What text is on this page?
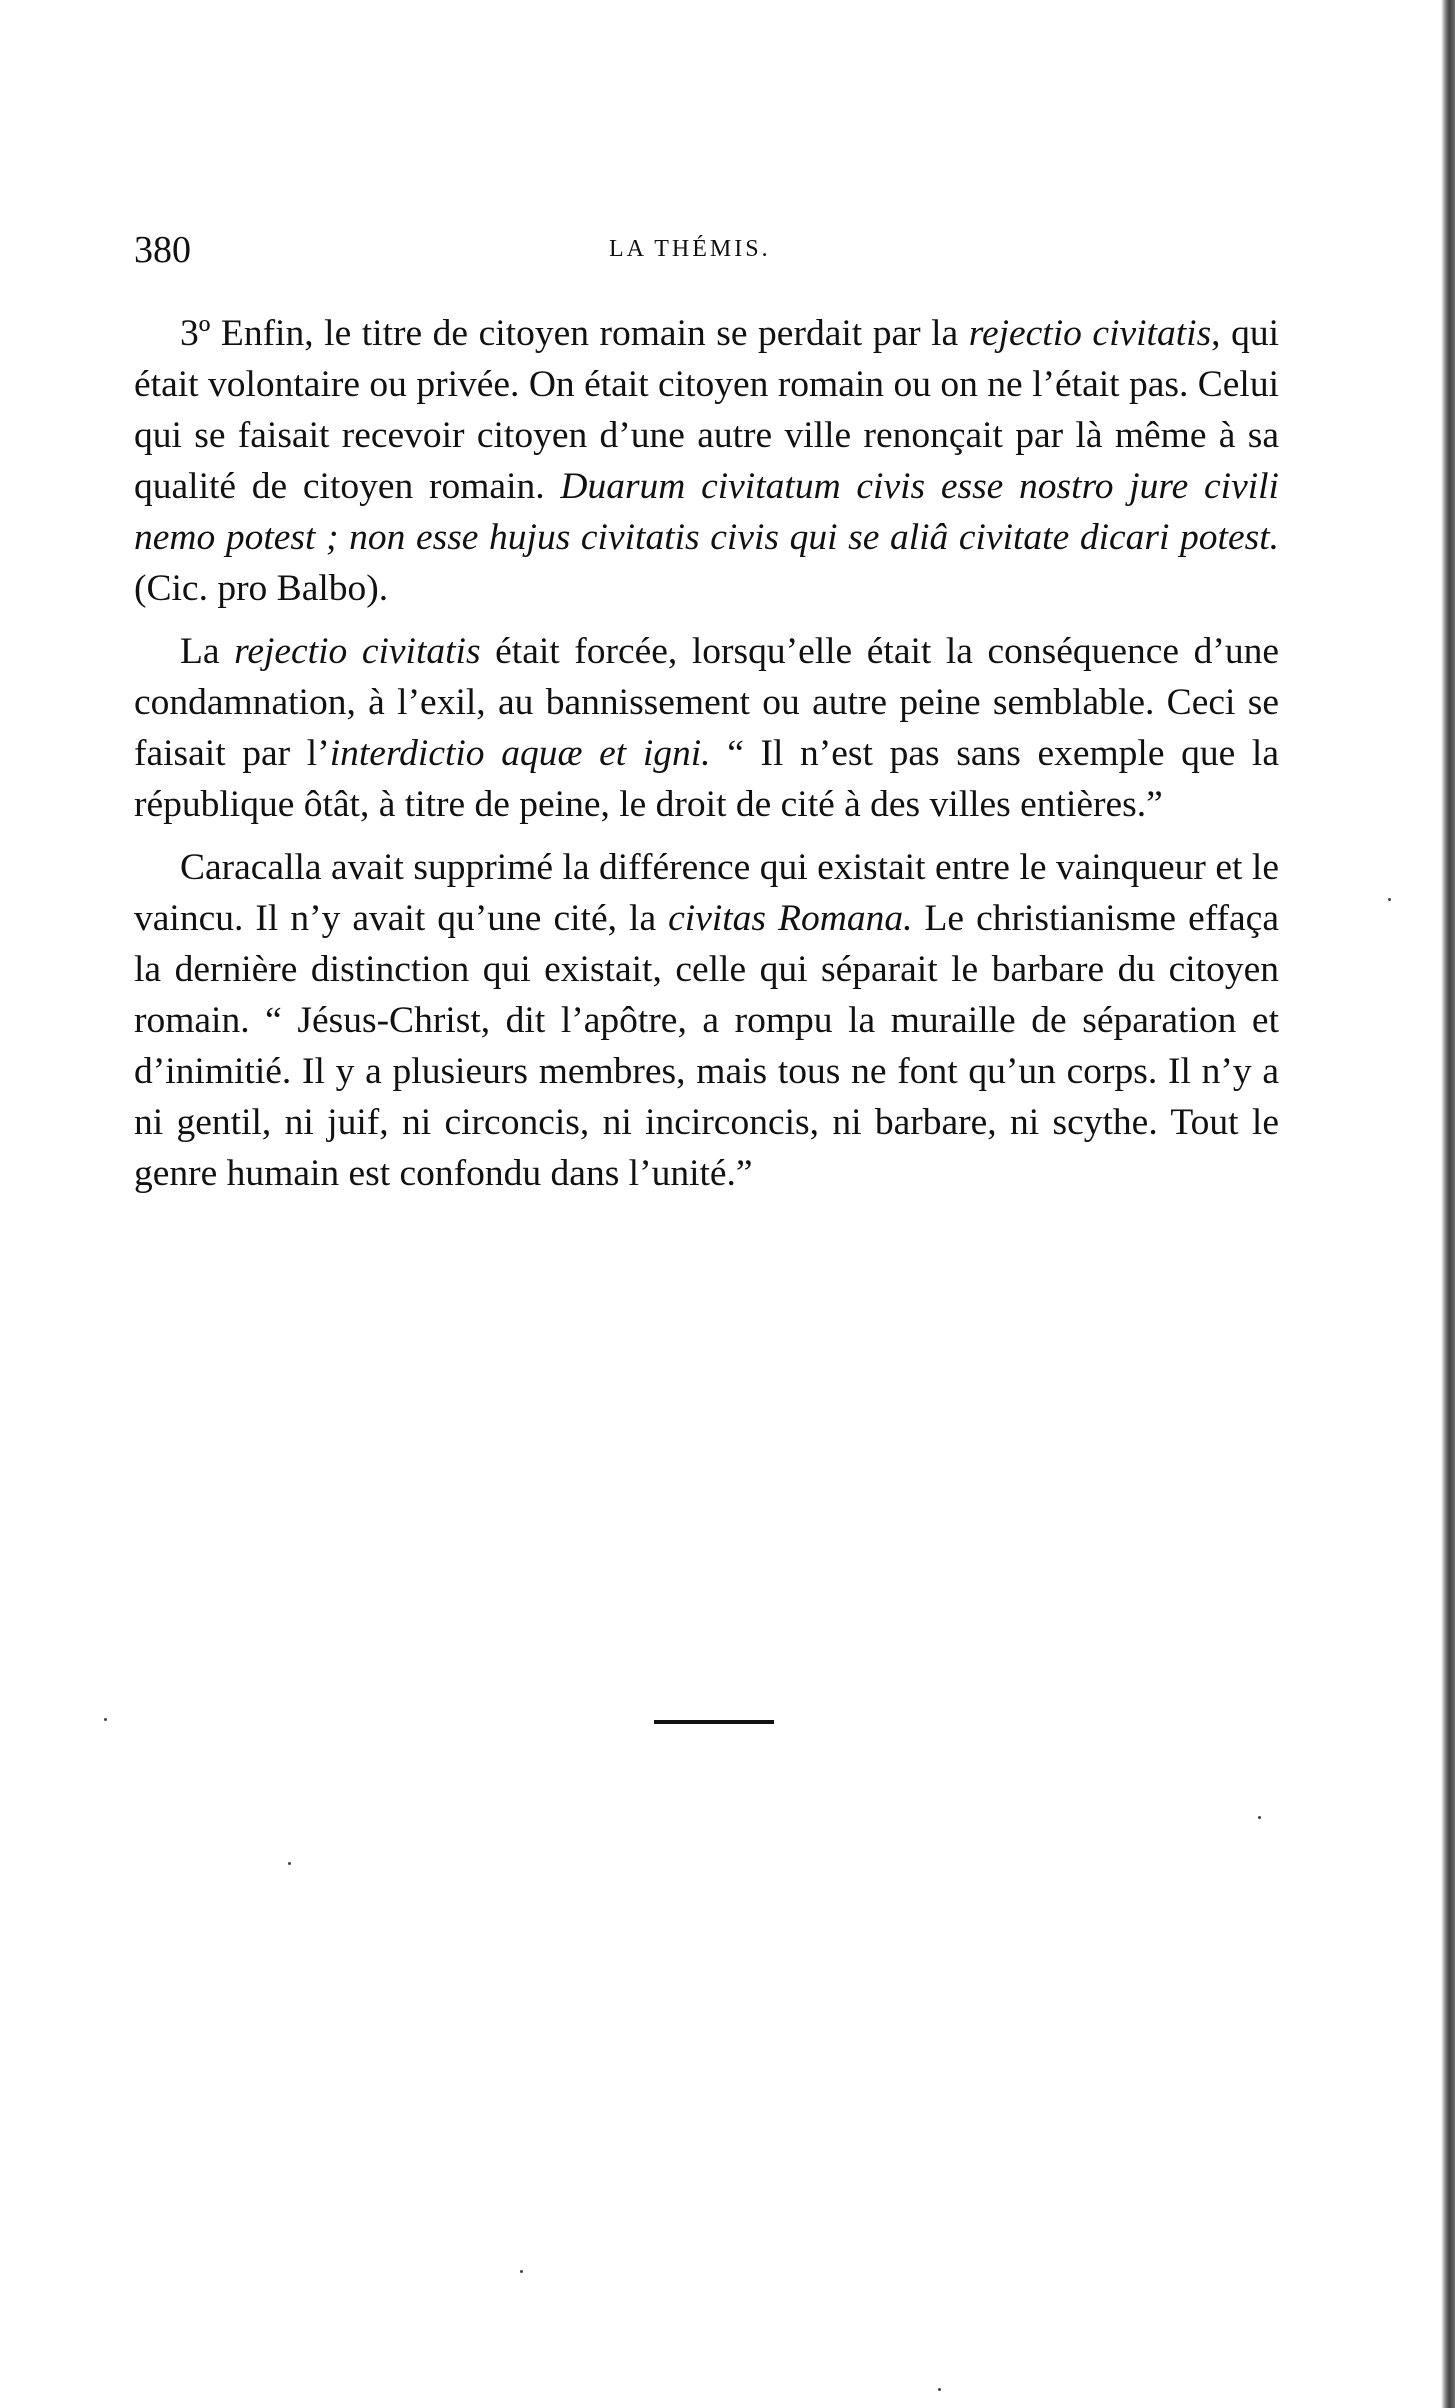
380	LA THÉMIS.

3º Enfin, le titre de citoyen romain se perdait par la rejectio civitatis, qui était volontaire ou privée. On était citoyen romain ou on ne l’était pas. Celui qui se faisait recevoir citoyen d’une autre ville renonçait par là même à sa qualité de citoyen romain. Duarum civitatum civis esse nostro jure civili nemo potest ; non esse hujus civitatis civis qui se aliâ civitate dicari potest. (Cic. pro Balbo).

La rejectio civitatis était forcée, lorsqu’elle était la conséquence d’une condamnation, à l’exil, au bannissement ou autre peine semblable. Ceci se faisait par l’interdictio aquæ et igni. “ Il n’est pas sans exemple que la république ôtât, à titre de peine, le droit de cité à des villes entières.”

Caracalla avait supprimé la différence qui existait entre le vainqueur et le vaincu. Il n’y avait qu’une cité, la civitas Romana. Le christianisme effaça la dernière distinction qui existait, celle qui séparait le barbare du citoyen romain. “ Jésus-Christ, dit l’apôtre, a rompu la muraille de séparation et d’inimitié. Il y a plusieurs membres, mais tous ne font qu’un corps. Il n’y a ni gentil, ni juif, ni circoncis, ni incirconcis, ni barbare, ni scythe. Tout le genre humain est confondu dans l’unité.”
